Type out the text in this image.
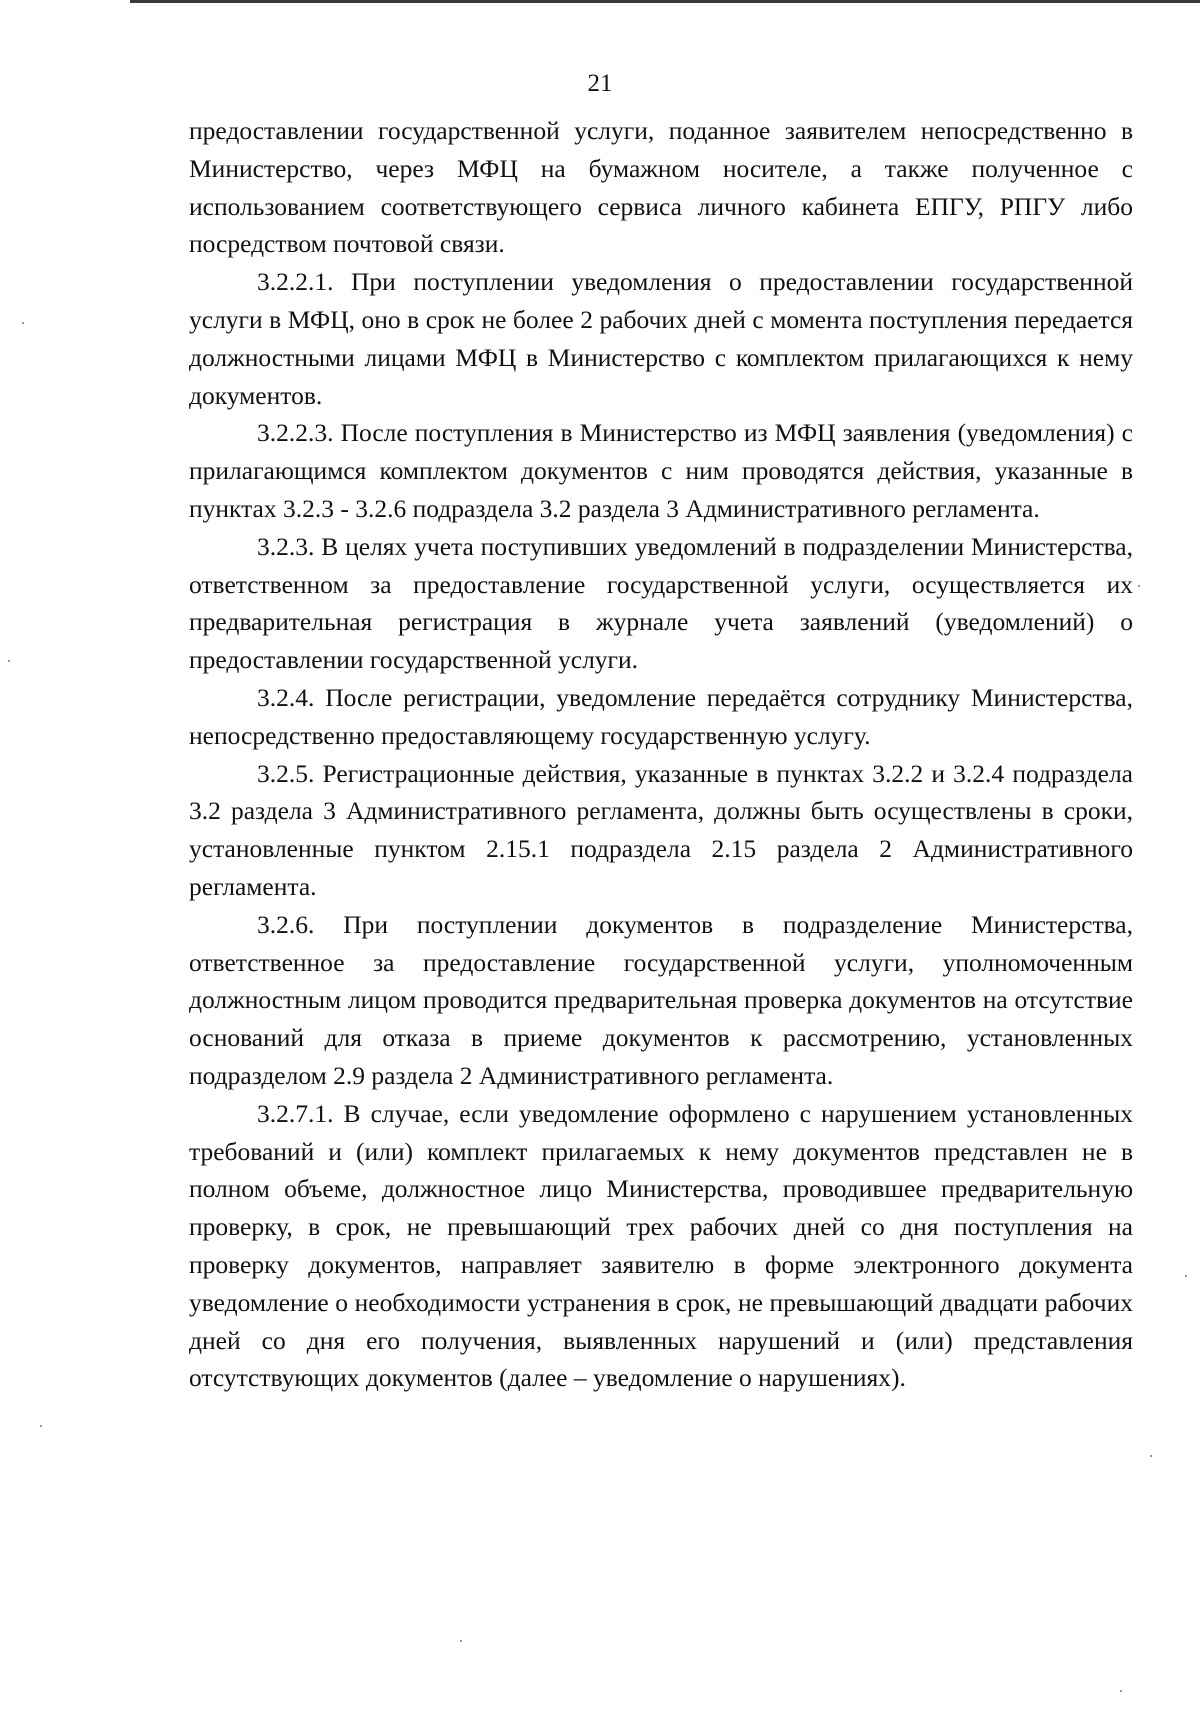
21

предоставлении государственной услуги, поданное заявителем непосредственно в Министерство, через МФЦ на бумажном носителе, а также полученное с использованием соответствующего сервиса личного кабинета ЕПГУ, РПГУ либо посредством почтовой связи.

3.2.2.1. При поступлении уведомления о предоставлении государственной услуги в МФЦ, оно в срок не более 2 рабочих дней с момента поступления передается должностными лицами МФЦ в Министерство с комплектом прилагающихся к нему документов.

3.2.2.3. После поступления в Министерство из МФЦ заявления (уведомления) с прилагающимся комплектом документов с ним проводятся действия, указанные в пунктах 3.2.3 - 3.2.6 подраздела 3.2 раздела 3 Административного регламента.

3.2.3. В целях учета поступивших уведомлений в подразделении Министерства, ответственном за предоставление государственной услуги, осуществляется их предварительная регистрация в журнале учета заявлений (уведомлений) о предоставлении государственной услуги.

3.2.4. После регистрации, уведомление передаётся сотруднику Министерства, непосредственно предоставляющему государственную услугу.

3.2.5. Регистрационные действия, указанные в пунктах 3.2.2 и 3.2.4 подраздела 3.2 раздела 3 Административного регламента, должны быть осуществлены в сроки, установленные пунктом 2.15.1 подраздела 2.15 раздела 2 Административного регламента.

3.2.6. При поступлении документов в подразделение Министерства, ответственное за предоставление государственной услуги, уполномоченным должностным лицом проводится предварительная проверка документов на отсутствие оснований для отказа в приеме документов к рассмотрению, установленных подразделом 2.9 раздела 2 Административного регламента.

3.2.7.1. В случае, если уведомление оформлено с нарушением установленных требований и (или) комплект прилагаемых к нему документов представлен не в полном объеме, должностное лицо Министерства, проводившее предварительную проверку, в срок, не превышающий трех рабочих дней со дня поступления на проверку документов, направляет заявителю в форме электронного документа уведомление о необходимости устранения в срок, не превышающий двадцати рабочих дней со дня его получения, выявленных нарушений и (или) представления отсутствующих документов (далее – уведомление о нарушениях).
